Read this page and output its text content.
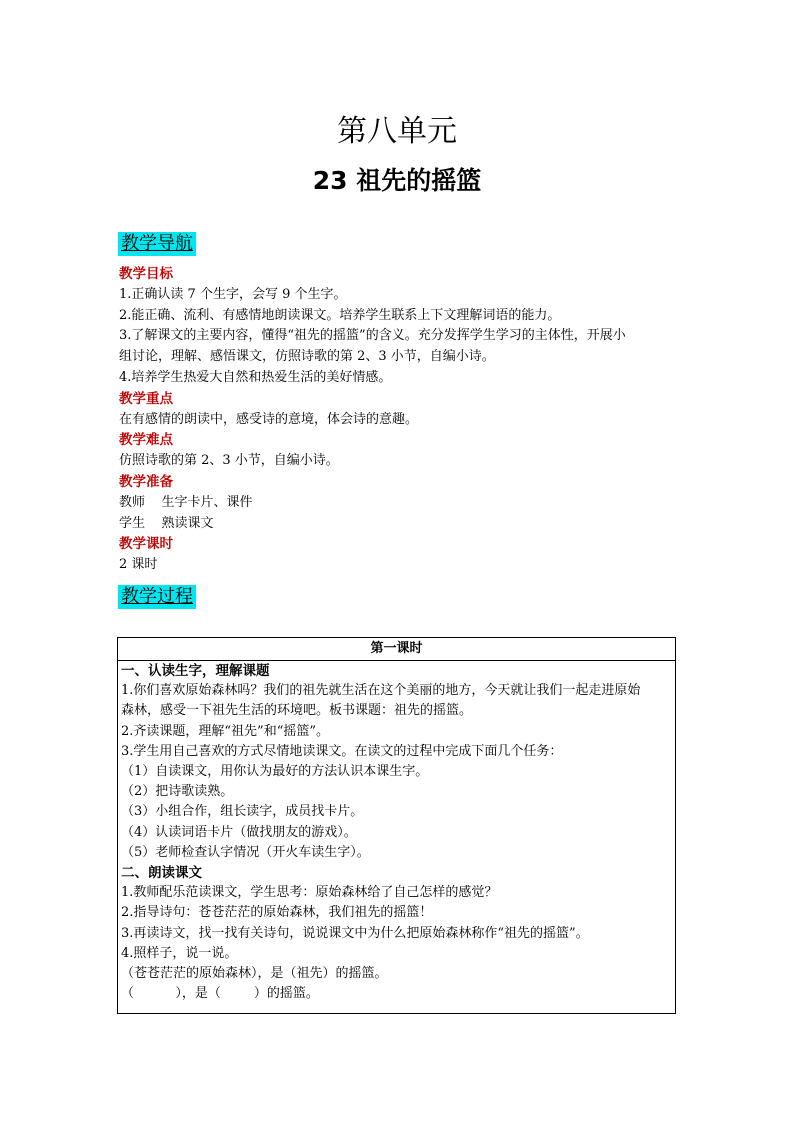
第八单元
23 祖先的摇篮
教学导航
教学目标
1.正确认读 7 个生字，会写 9 个生字。
2.能正确、流利、有感情地朗读课文。培养学生联系上下文理解词语的能力。
3.了解课文的主要内容，懂得“祖先的摇篮”的含义。充分发挥学生学习的主体性，开展小
组讨论，理解、感悟课文，仿照诗歌的第 2、3 小节，自编小诗。
4.培养学生热爱大自然和热爱生活的美好情感。
教学重点
在有感情的朗读中，感受诗的意境，体会诗的意趣。
教学难点
仿照诗歌的第 2、3 小节，自编小诗。
教学准备
教师    生字卡片、课件
学生    熟读课文
教学课时
2 课时
教学过程
第一课时
一、认读生字，理解课题
1.你们喜欢原始森林吗？我们的祖先就生活在这个美丽的地方，今天就让我们一起走进原始
森林，感受一下祖先生活的环境吧。板书课题：祖先的摇篮。
2.齐读课题，理解“祖先”和“摇篮”。
3.学生用自己喜欢的方式尽情地读课文。在读文的过程中完成下面几个任务：
（1）自读课文，用你认为最好的方法认识本课生字。
（2）把诗歌读熟。
（3）小组合作，组长读字，成员找卡片。
（4）认读词语卡片（做找朋友的游戏）。
（5）老师检查认字情况（开火车读生字）。
二、朗读课文
1.教师配乐范读课文，学生思考：原始森林给了自己怎样的感觉？
2.指导诗句：苍苍茫茫的原始森林，我们祖先的摇篮！
3.再读诗文，找一找有关诗句，说说课文中为什么把原始森林称作“祖先的摇篮”。
4.照样子，说一说。
（苍苍茫茫的原始森林），是（祖先）的摇篮。
（          ），是（        ）的摇篮。
